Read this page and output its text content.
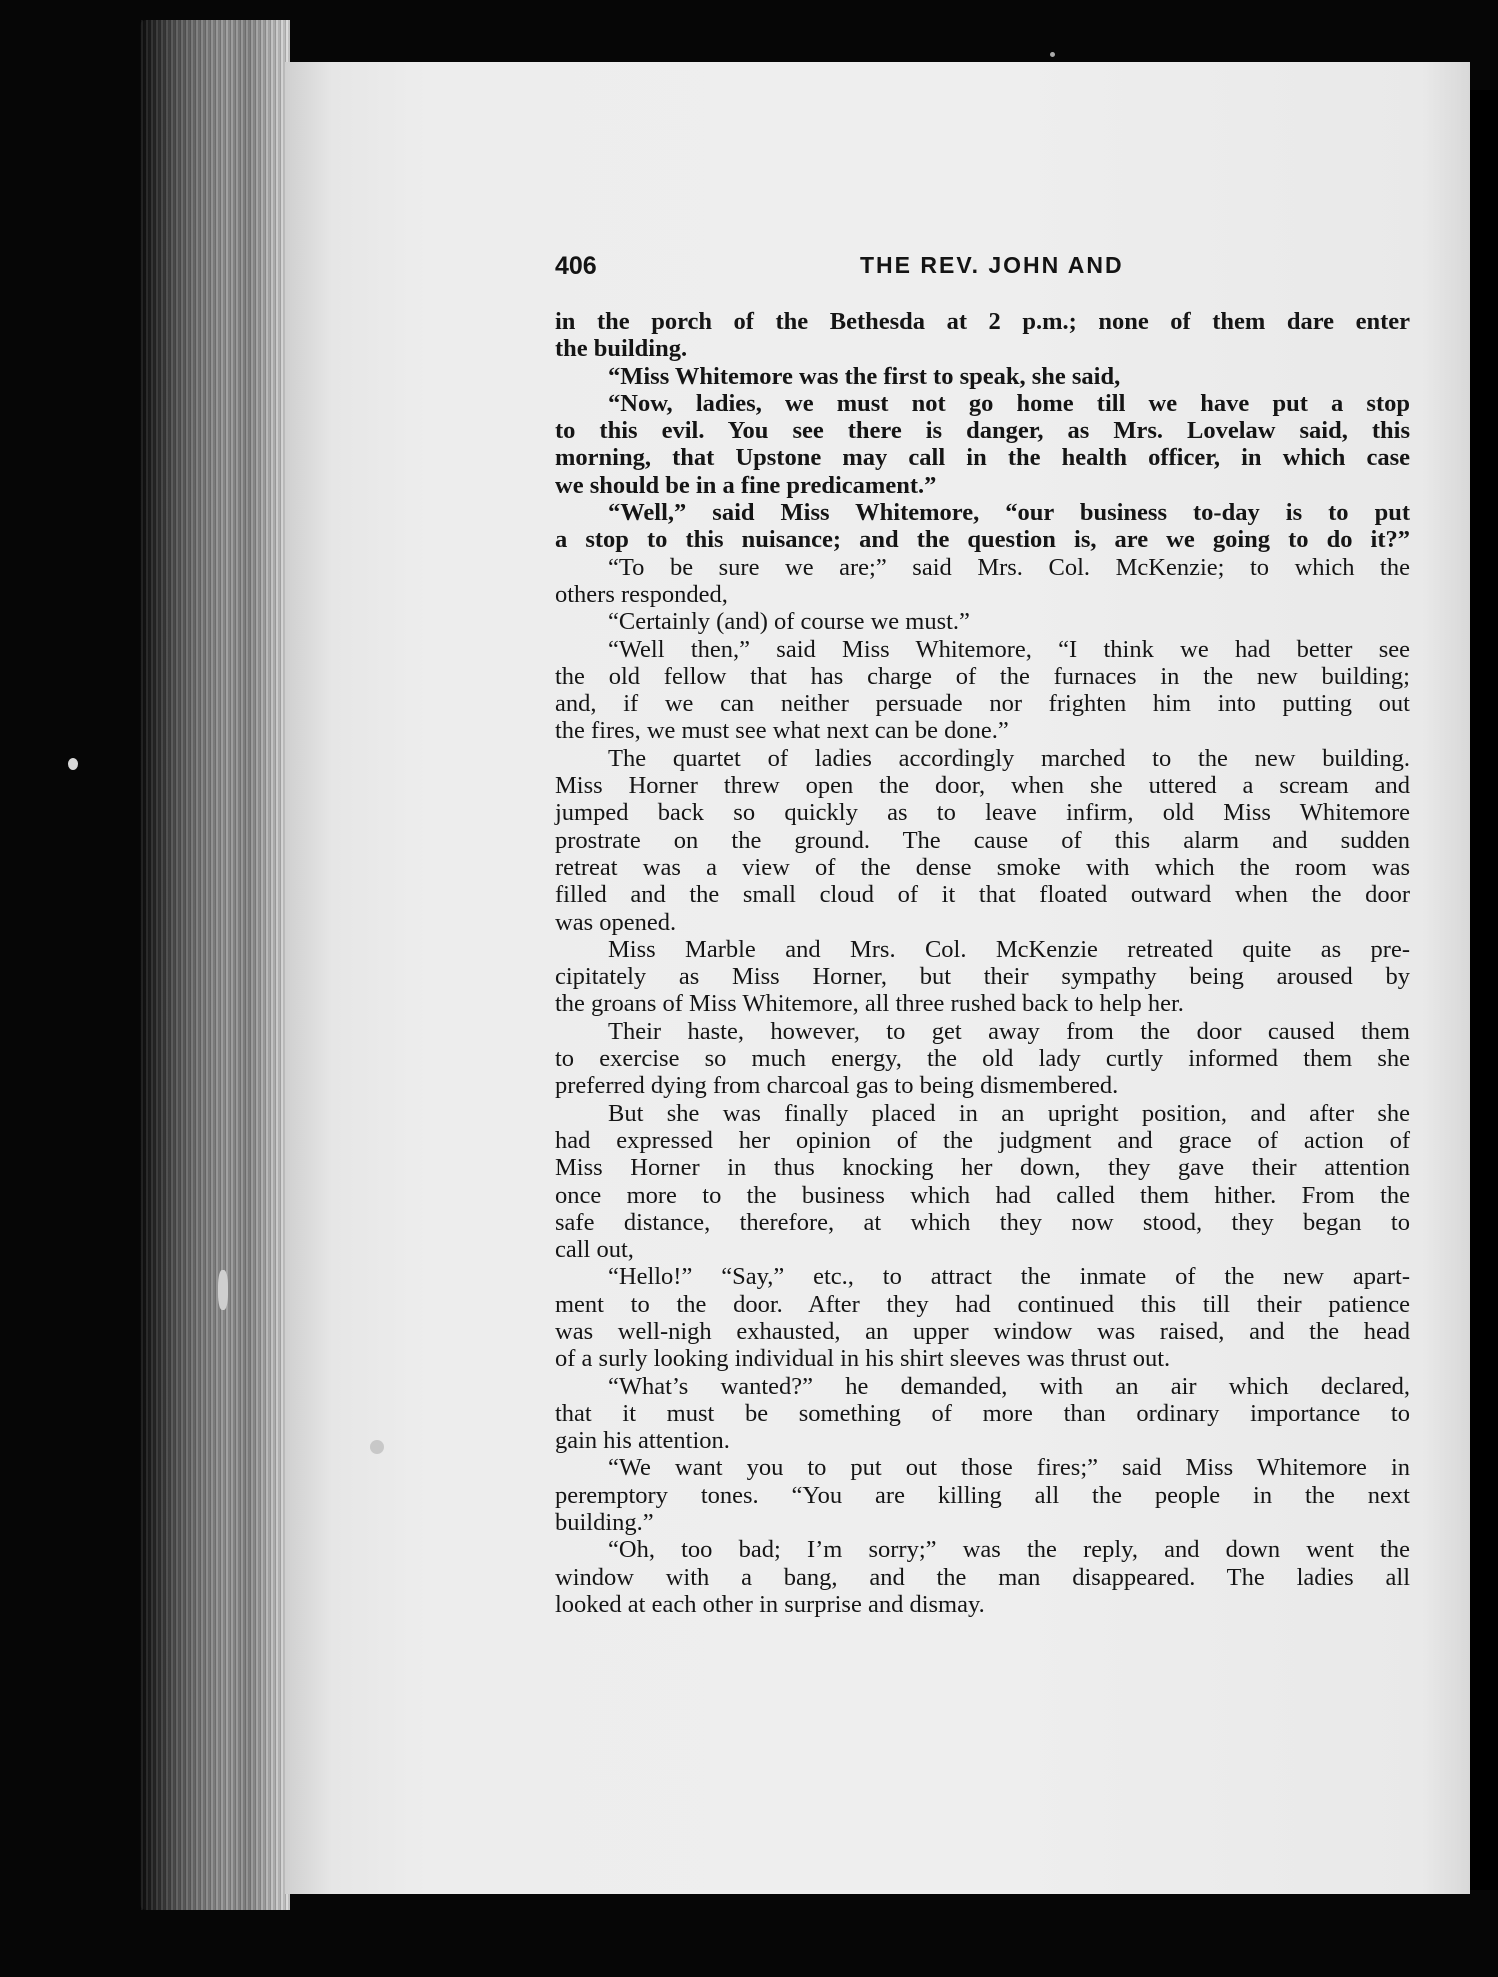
406	THE REV. JOHN AND
in the porch of the Bethesda at 2 p.m.; none of them dare enter
the building.
“Miss Whitemore was the first to speak, she said,
“Now, ladies, we must not go home till we have put a stop
to this evil. You see there is danger, as Mrs. Lovelaw said, this
morning, that Upstone may call in the health officer, in which case
we should be in a fine predicament.”
“Well,” said Miss Whitemore, “our business to-day is to put
a stop to this nuisance; and the question is, are we going to do it?”
“To be sure we are;” said Mrs. Col. McKenzie; to which the
others responded,
“Certainly (and) of course we must.”
“Well then,” said Miss Whitemore, “I think we had better see
the old fellow that has charge of the furnaces in the new building;
and, if we can neither persuade nor frighten him into putting out
the fires, we must see what next can be done.”
The quartet of ladies accordingly marched to the new building.
Miss Horner threw open the door, when she uttered a scream and
jumped back so quickly as to leave infirm, old Miss Whitemore
prostrate on the ground. The cause of this alarm and sudden
retreat was a view of the dense smoke with which the room was
filled and the small cloud of it that floated outward when the door
was opened.
Miss Marble and Mrs. Col. McKenzie retreated quite as pre-
cipitately as Miss Horner, but their sympathy being aroused by
the groans of Miss Whitemore, all three rushed back to help her.
Their haste, however, to get away from the door caused them
to exercise so much energy, the old lady curtly informed them she
preferred dying from charcoal gas to being dismembered.
But she was finally placed in an upright position, and after she
had expressed her opinion of the judgment and grace of action of
Miss Horner in thus knocking her down, they gave their attention
once more to the business which had called them hither. From the
safe distance, therefore, at which they now stood, they began to
call out,
“Hello!” “Say,” etc., to attract the inmate of the new apart-
ment to the door. After they had continued this till their patience
was well-nigh exhausted, an upper window was raised, and the head
of a surly looking individual in his shirt sleeves was thrust out.
“What’s wanted?” he demanded, with an air which declared,
that it must be something of more than ordinary importance to
gain his attention.
“We want you to put out those fires;” said Miss Whitemore in
peremptory tones. “You are killing all the people in the next
building.”
“Oh, too bad; I’m sorry;” was the reply, and down went the
window with a bang, and the man disappeared. The ladies all
looked at each other in surprise and dismay.
